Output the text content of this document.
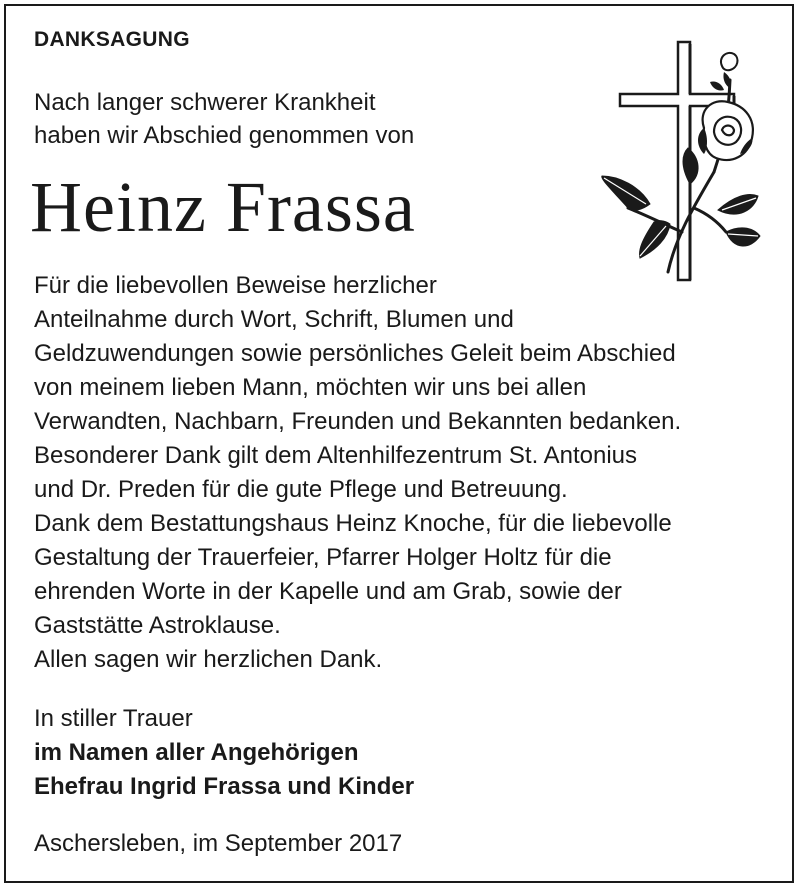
DANKSAGUNG
Nach langer schwerer Krankheit
haben wir Abschied genommen von
Heinz Frassa
Für die liebevollen Beweise herzlicher
Anteilnahme durch Wort, Schrift, Blumen und
Geldzuwendungen sowie persönliches Geleit beim Abschied
von meinem lieben Mann, möchten wir uns bei allen
Verwandten, Nachbarn, Freunden und Bekannten bedanken.
Besonderer Dank gilt dem Altenhilfezentrum St. Antonius
und Dr. Preden für die gute Pflege und Betreuung.
Dank dem Bestattungshaus Heinz Knoche, für die liebevolle
Gestaltung der Trauerfeier, Pfarrer Holger Holtz für die
ehrenden Worte in der Kapelle und am Grab, sowie der
Gaststätte Astroklause.
Allen sagen wir herzlichen Dank.
In stiller Trauer
im Namen aller Angehörigen
Ehefrau Ingrid Frassa und Kinder
Aschersleben, im September 2017
